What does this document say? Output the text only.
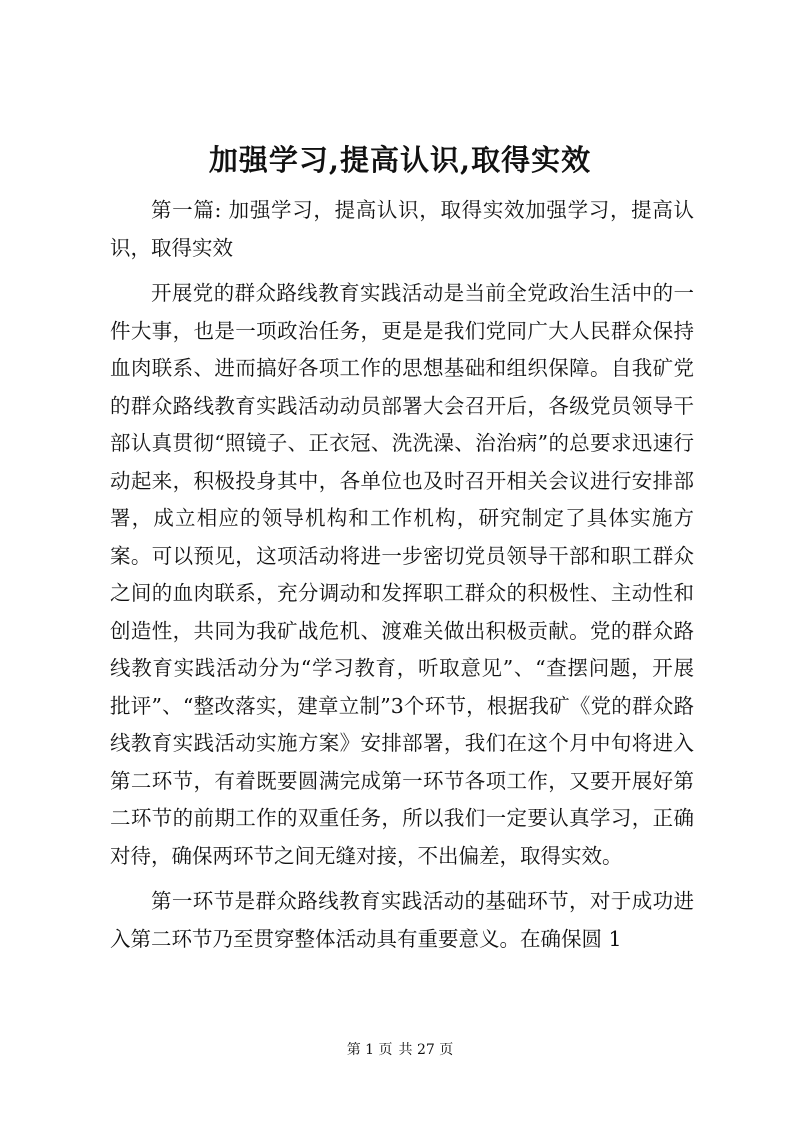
加强学习,提高认识,取得实效

第一篇: 加强学习，提高认识，取得实效加强学习，提高认识，取得实效

开展党的群众路线教育实践活动是当前全党政治生活中的一件大事，也是一项政治任务，更是是我们党同广大人民群众保持血肉联系、进而搞好各项工作的思想基础和组织保障。自我矿党的群众路线教育实践活动动员部署大会召开后，各级党员领导干部认真贯彻“照镜子、正衣冠、洗洗澡、治治病”的总要求迅速行动起来，积极投身其中，各单位也及时召开相关会议进行安排部署，成立相应的领导机构和工作机构，研究制定了具体实施方案。可以预见，这项活动将进一步密切党员领导干部和职工群众之间的血肉联系，充分调动和发挥职工群众的积极性、主动性和创造性，共同为我矿战危机、渡难关做出积极贡献。党的群众路线教育实践活动分为“学习教育，听取意见”、“查摆问题，开展批评”、“整改落实，建章立制”3个环节，根据我矿《党的群众路线教育实践活动实施方案》安排部署，我们在这个月中旬将进入第二环节，有着既要圆满完成第一环节各项工作，又要开展好第二环节的前期工作的双重任务，所以我们一定要认真学习，正确对待，确保两环节之间无缝对接，不出偏差，取得实效。

第一环节是群众路线教育实践活动的基础环节，对于成功进入第二环节乃至贯穿整体活动具有重要意义。在确保圆 1

第 1 页 共 27 页
